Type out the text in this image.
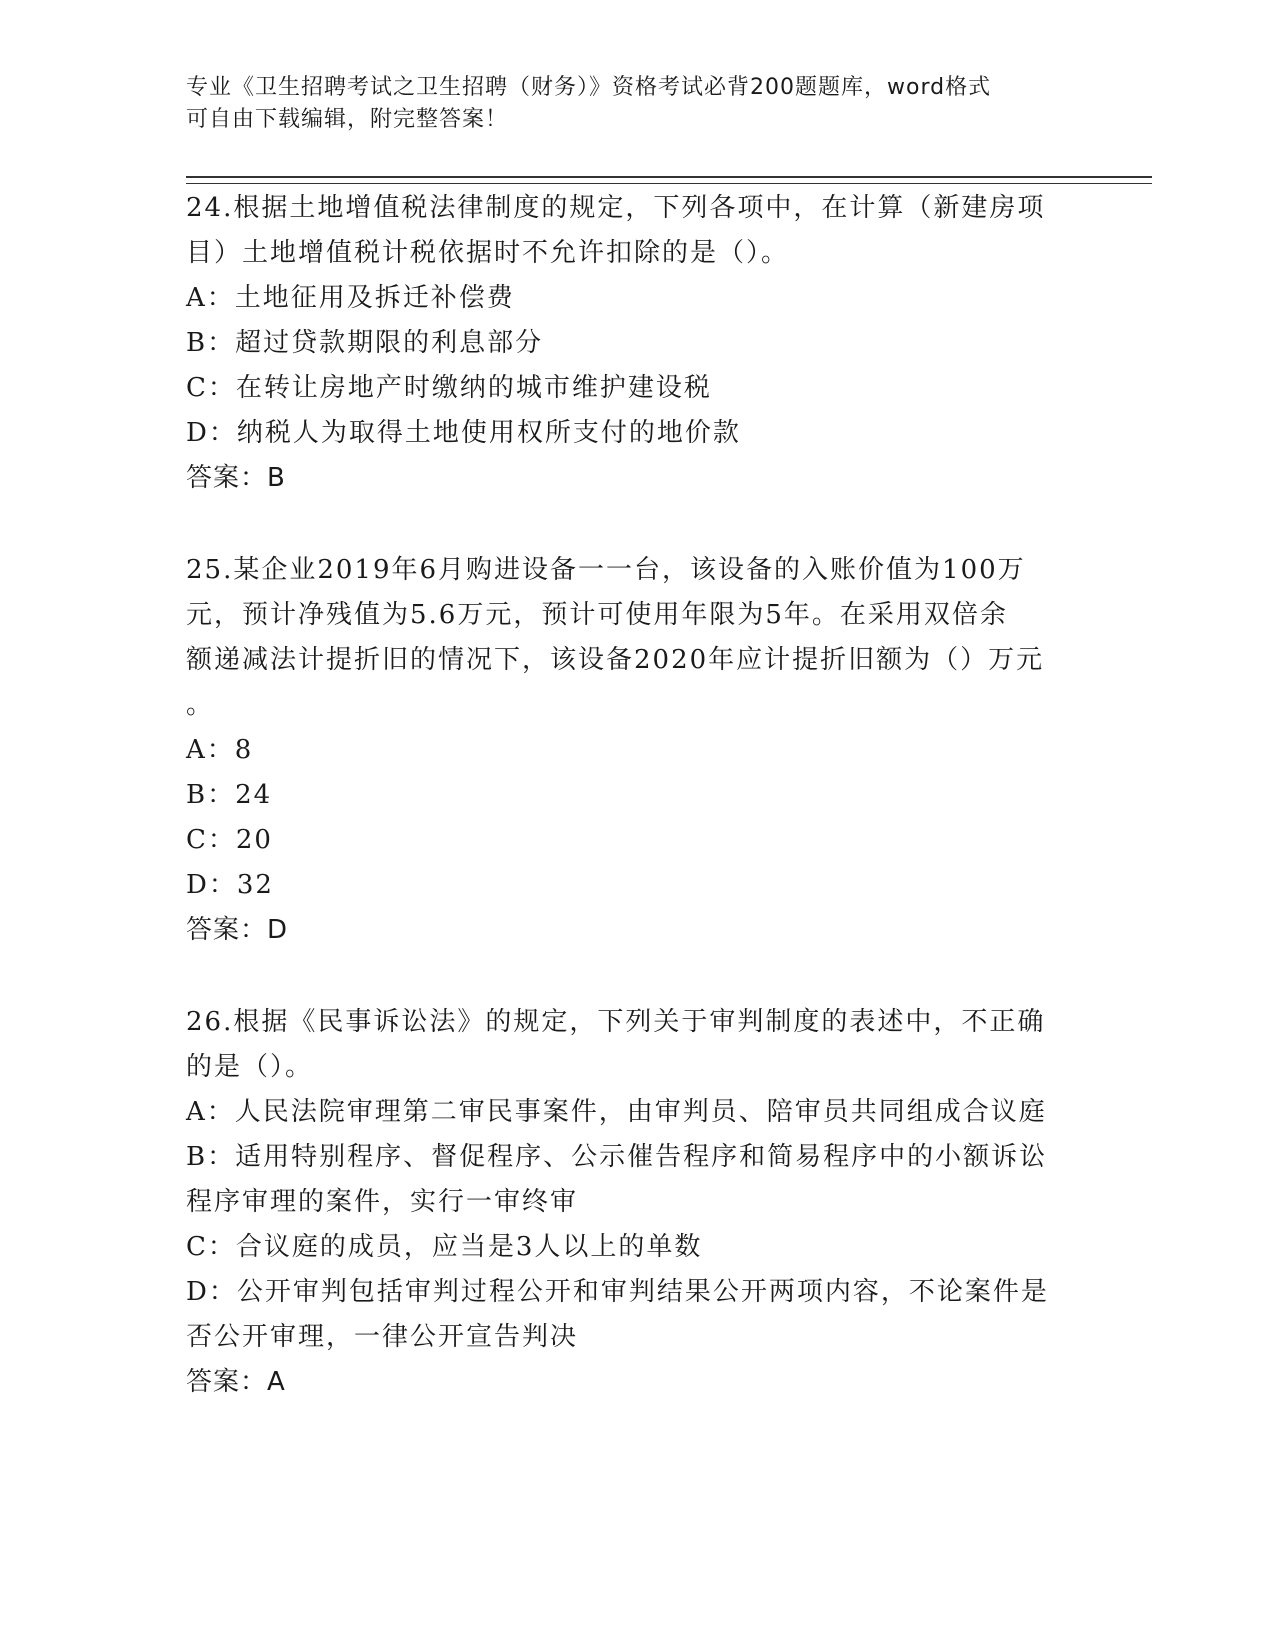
专业《卫生招聘考试之卫生招聘（财务）》资格考试必背200题题库，word格式
可自由下载编辑，附完整答案！
24.根据土地增值税法律制度的规定，下列各项中，在计算（新建房项
目）土地增值税计税依据时不允许扣除的是（）。
A：土地征用及拆迁补偿费
B：超过贷款期限的利息部分
C：在转让房地产时缴纳的城市维护建设税
D：纳税人为取得土地使用权所支付的地价款
答案：B
25.某企业2019年6月购进设备一一台，该设备的入账价值为100万
元，预计净残值为5.6万元，预计可使用年限为5年。在采用双倍余
额递减法计提折旧的情况下，该设备2020年应计提折旧额为（）万元
。
A：8
B：24
C：20
D：32
答案：D
26.根据《民事诉讼法》的规定，下列关于审判制度的表述中，不正确
的是（）。
A：人民法院审理第二审民事案件，由审判员、陪审员共同组成合议庭
B：适用特别程序、督促程序、公示催告程序和简易程序中的小额诉讼
程序审理的案件，实行一审终审
C：合议庭的成员，应当是3人以上的单数
D：公开审判包括审判过程公开和审判结果公开两项内容，不论案件是
否公开审理，一律公开宣告判决
答案：A
